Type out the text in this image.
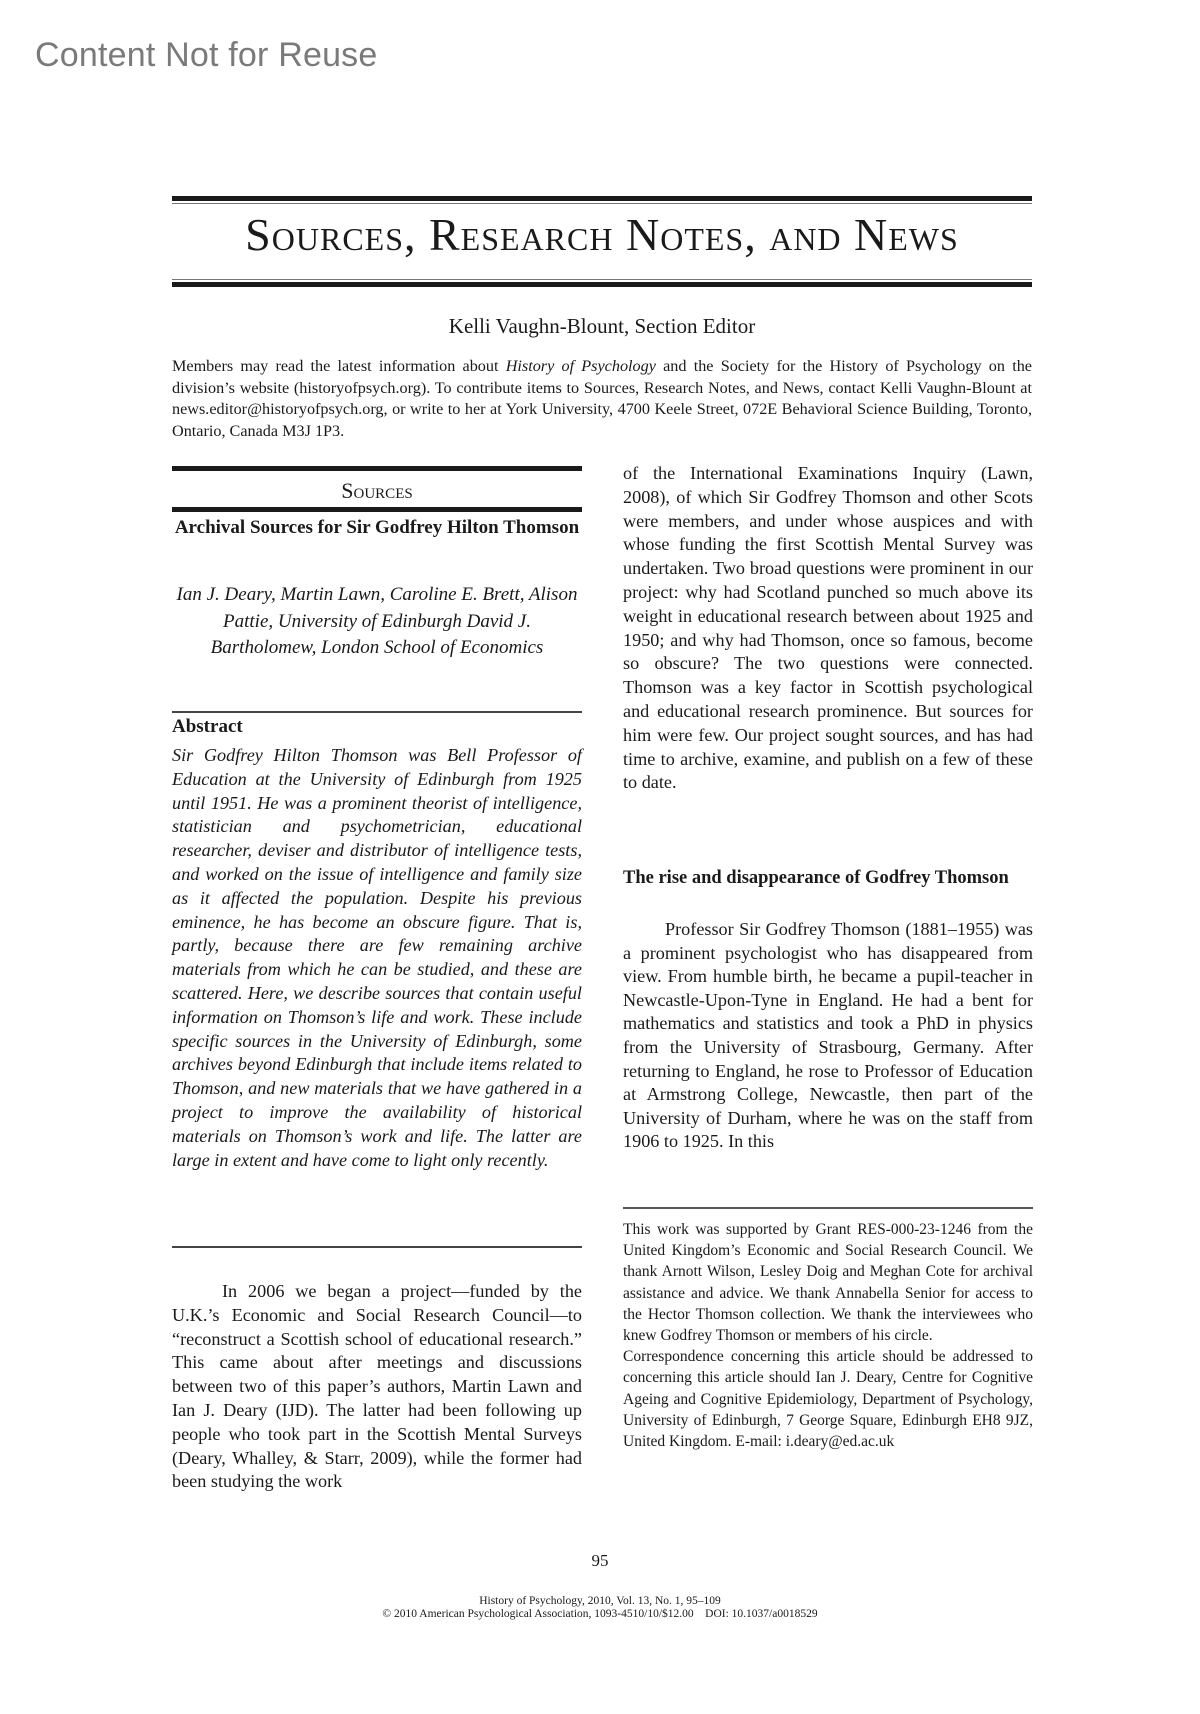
Content Not for Reuse
Sources, Research Notes, and News
Kelli Vaughn-Blount, Section Editor
Members may read the latest information about History of Psychology and the Society for the History of Psychology on the division’s website (historyofpsych.org). To contribute items to Sources, Research Notes, and News, contact Kelli Vaughn-Blount at news.editor@historyofpsych.org, or write to her at York University, 4700 Keele Street, 072E Behavioral Science Building, Toronto, Ontario, Canada M3J 1P3.
Sources
Archival Sources for Sir Godfrey Hilton Thomson
Ian J. Deary, Martin Lawn, Caroline E. Brett, Alison Pattie, University of Edinburgh David J. Bartholomew, London School of Economics
Abstract
Sir Godfrey Hilton Thomson was Bell Professor of Education at the University of Edinburgh from 1925 until 1951. He was a prominent theorist of intelligence, statistician and psychometrician, educational researcher, deviser and distributor of intelligence tests, and worked on the issue of intelligence and family size as it affected the population. Despite his previous eminence, he has become an obscure figure. That is, partly, because there are few remaining archive materials from which he can be studied, and these are scattered. Here, we describe sources that contain useful information on Thomson’s life and work. These include specific sources in the University of Edinburgh, some archives beyond Edinburgh that include items related to Thomson, and new materials that we have gathered in a project to improve the availability of historical materials on Thomson’s work and life. The latter are large in extent and have come to light only recently.
In 2006 we began a project—funded by the U.K.’s Economic and Social Research Council—to “reconstruct a Scottish school of educational research.” This came about after meetings and discussions between two of this paper’s authors, Martin Lawn and Ian J. Deary (IJD). The latter had been following up people who took part in the Scottish Mental Surveys (Deary, Whalley, & Starr, 2009), while the former had been studying the work
of the International Examinations Inquiry (Lawn, 2008), of which Sir Godfrey Thomson and other Scots were members, and under whose auspices and with whose funding the first Scottish Mental Survey was undertaken. Two broad questions were prominent in our project: why had Scotland punched so much above its weight in educational research between about 1925 and 1950; and why had Thomson, once so famous, become so obscure? The two questions were connected. Thomson was a key factor in Scottish psychological and educational research prominence. But sources for him were few. Our project sought sources, and has had time to archive, examine, and publish on a few of these to date.
The rise and disappearance of Godfrey Thomson
Professor Sir Godfrey Thomson (1881–1955) was a prominent psychologist who has disappeared from view. From humble birth, he became a pupil-teacher in Newcastle-Upon-Tyne in England. He had a bent for mathematics and statistics and took a PhD in physics from the University of Strasbourg, Germany. After returning to England, he rose to Professor of Education at Armstrong College, Newcastle, then part of the University of Durham, where he was on the staff from 1906 to 1925. In this

This work was supported by Grant RES-000-23-1246 from the United Kingdom’s Economic and Social Research Council. We thank Arnott Wilson, Lesley Doig and Meghan Cote for archival assistance and advice. We thank Annabella Senior for access to the Hector Thomson collection. We thank the interviewees who knew Godfrey Thomson or members of his circle.

Correspondence concerning this article should be addressed to concerning this article should Ian J. Deary, Centre for Cognitive Ageing and Cognitive Epidemiology, Department of Psychology, University of Edinburgh, 7 George Square, Edinburgh EH8 9JZ, United Kingdom. E-mail: i.deary@ed.ac.uk

95
History of Psychology, 2010, Vol. 13, No. 1, 95–109
© 2010 American Psychological Association, 1093-4510/10/$12.00    DOI: 10.1037/a0018529
